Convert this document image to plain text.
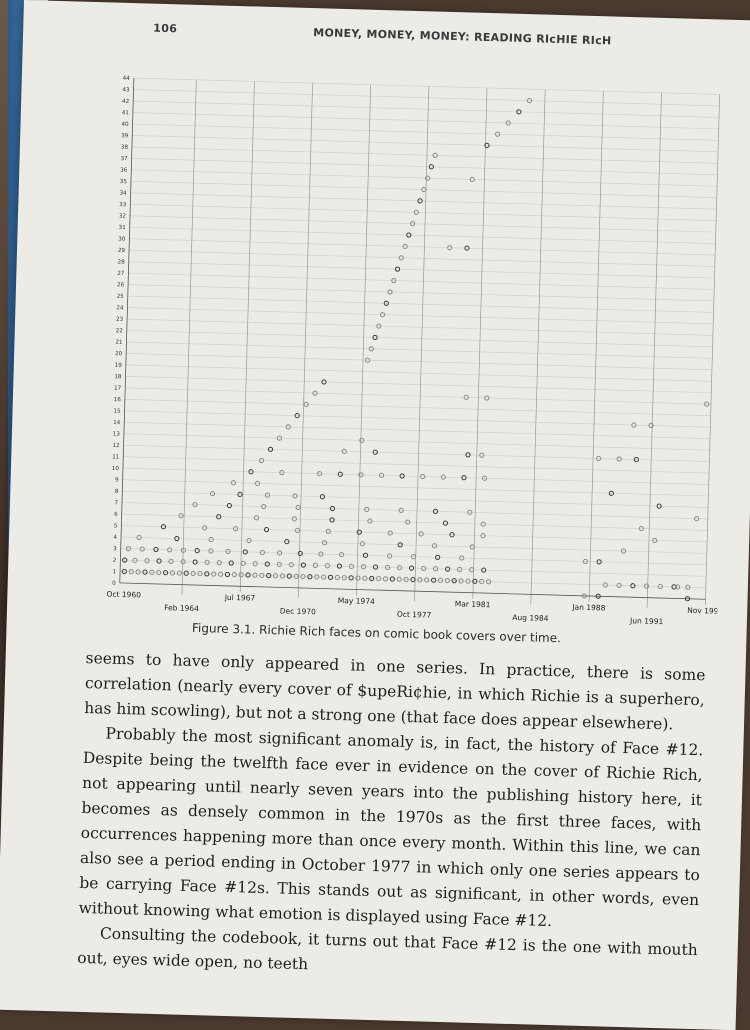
106	MONEY, MONEY, MONEY: READING RIcHIE RIcH
0
1
2
3
4
5
6
7
8
9
10
11
12
13
14
15
16
17
18
19
20
21
22
23
24
25
26
27
28
29
30
31
32
33
34
35
36
37
38
39
40
41
42
43
44
Oct 1960
Feb 1964
Jul 1967
Dec 1970
May 1974
Oct 1977
Mar 1981
Aug 1984
Jan 1988
Jun 1991
Nov 1994
Figure 3.1. Richie Rich faces on comic book covers over time.

seems to have only appeared in one series. In practice, there is some correlation (nearly every cover of $upeRi¢hie, in which Richie is a superhero, has him scowling), but not a strong one (that face does appear elsewhere).

Probably the most significant anomaly is, in fact, the history of Face #12. Despite being the twelfth face ever in evidence on the cover of Richie Rich, not appearing until nearly seven years into the publishing history here, it becomes as densely common in the 1970s as the first three faces, with occurrences happening more than once every month. Within this line, we can also see a period ending in October 1977 in which only one series appears to be carrying Face #12s. This stands out as significant, in other words, even without knowing what emotion is displayed using Face #12.

Consulting the codebook, it turns out that Face #12 is the one with mouth out, eyes wide open, no teeth
